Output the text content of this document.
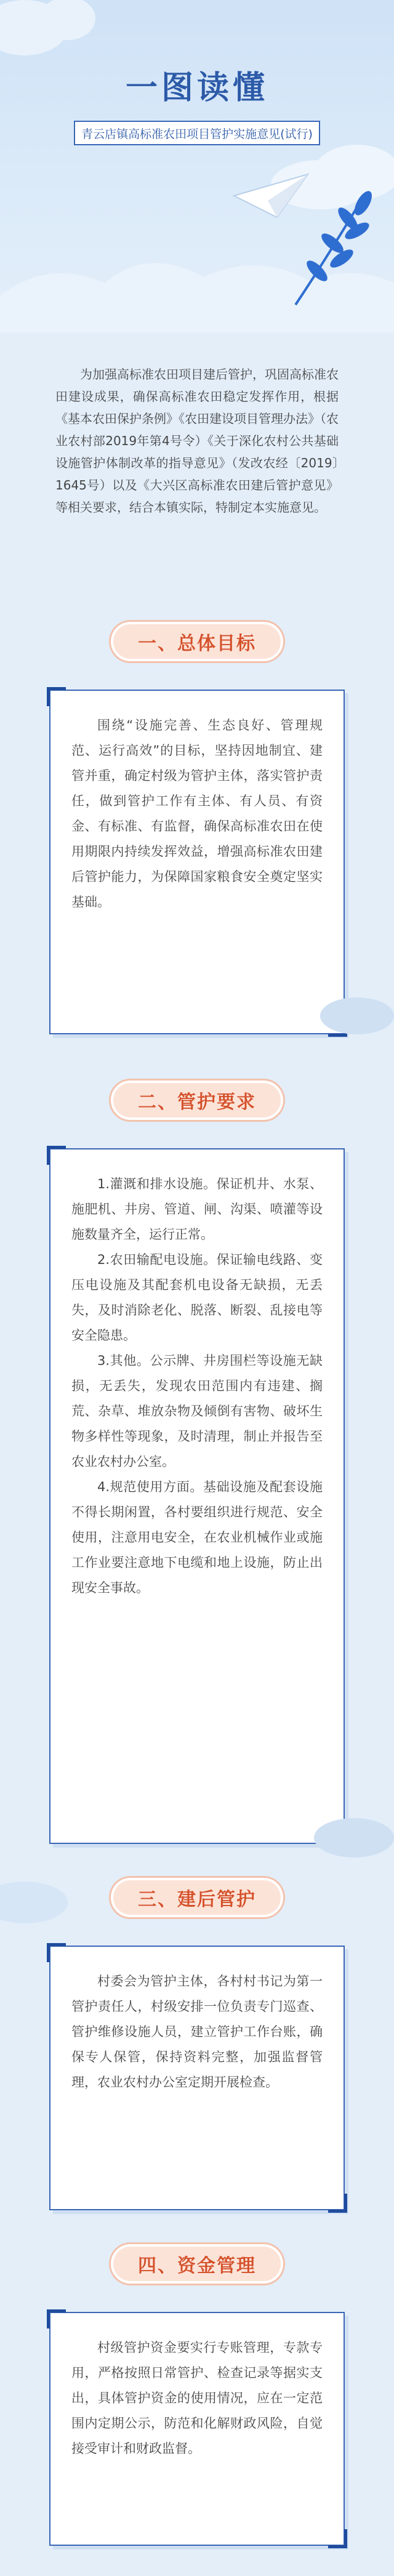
一图读懂
青云店镇高标准农田项目管护实施意见(试行)

为加强高标准农田项目建后管护，巩固高标准农田建设成果，确保高标准农田稳定发挥作用，根据《基本农田保护条例》《农田建设项目管理办法》（农业农村部2019年第4号令）《关于深化农村公共基础设施管护体制改革的指导意见》（发改农经〔2019〕1645号）以及《大兴区高标准农田建后管护意见》等相关要求，结合本镇实际，特制定本实施意见。

一、总体目标

围绕“设施完善、生态良好、管理规范、运行高效”的目标，坚持因地制宜、建管并重，确定村级为管护主体，落实管护责任，做到管护工作有主体、有人员、有资金、有标准、有监督，确保高标准农田在使用期限内持续发挥效益，增强高标准农田建后管护能力，为保障国家粮食安全奠定坚实基础。

二、管护要求

1.灌溉和排水设施。保证机井、水泵、施肥机、井房、管道、闸、沟渠、喷灌等设施数量齐全，运行正常。

2.农田输配电设施。保证输电线路、变压电设施及其配套机电设备无缺损，无丢失，及时消除老化、脱落、断裂、乱接电等安全隐患。

3.其他。公示牌、井房围栏等设施无缺损，无丢失，发现农田范围内有违建、搁荒、杂草、堆放杂物及倾倒有害物、破坏生物多样性等现象，及时清理，制止并报告至农业农村办公室。

4.规范使用方面。基础设施及配套设施不得长期闲置，各村要组织进行规范、安全使用，注意用电安全，在农业机械作业或施工作业要注意地下电缆和地上设施，防止出现安全事故。

三、建后管护

村委会为管护主体，各村村书记为第一管护责任人，村级安排一位负责专门巡查、管护维修设施人员，建立管护工作台账，确保专人保管，保持资料完整，加强监督管理，农业农村办公室定期开展检查。

四、资金管理

村级管护资金要实行专账管理，专款专用，严格按照日常管护、检查记录等据实支出，具体管护资金的使用情况，应在一定范围内定期公示，防范和化解财政风险，自觉接受审计和财政监督。
